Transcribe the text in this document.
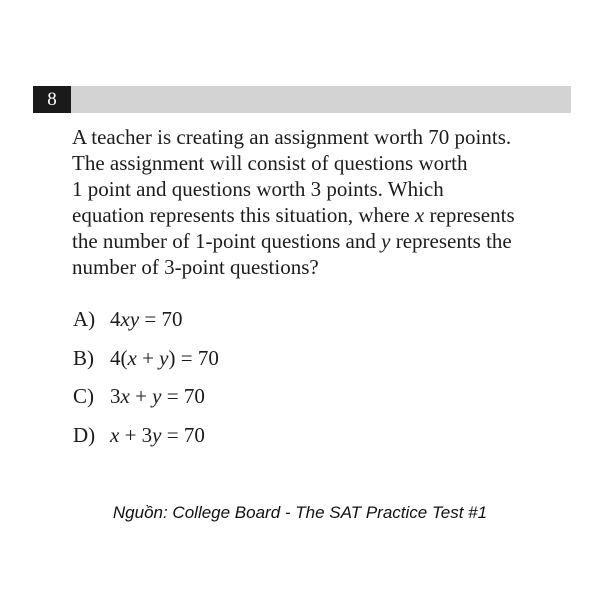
8
A teacher is creating an assignment worth 70 points.
The assignment will consist of questions worth
1 point and questions worth 3 points. Which
equation represents this situation, where x represents
the number of 1-point questions and y represents the
number of 3-point questions?
A) 4xy = 70
B) 4(x + y) = 70
C) 3x + y = 70
D) x + 3y = 70
Nguồn: College Board - The SAT Practice Test #1
